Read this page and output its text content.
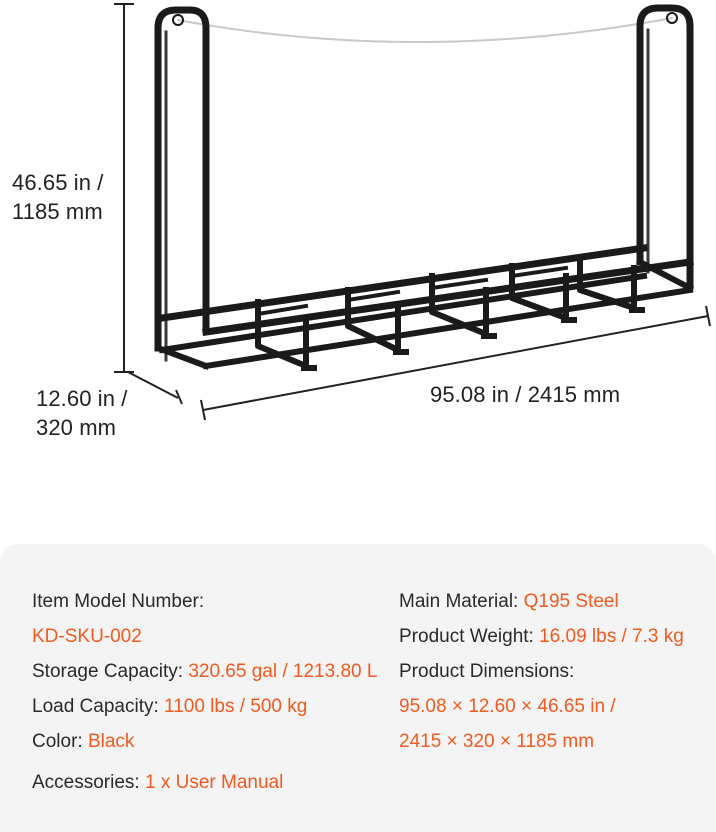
46.65 in /
1185 mm
12.60 in /
320 mm
95.08 in / 2415 mm
Item Model Number:
KD-SKU-002
Storage Capacity: 320.65 gal / 1213.80 L
Load Capacity: 1100 lbs / 500 kg
Color: Black
Accessories: 1 x User Manual
Main Material: Q195 Steel
Product Weight: 16.09 lbs / 7.3 kg
Product Dimensions:
95.08 × 12.60 × 46.65 in /
2415 × 320 × 1185 mm
